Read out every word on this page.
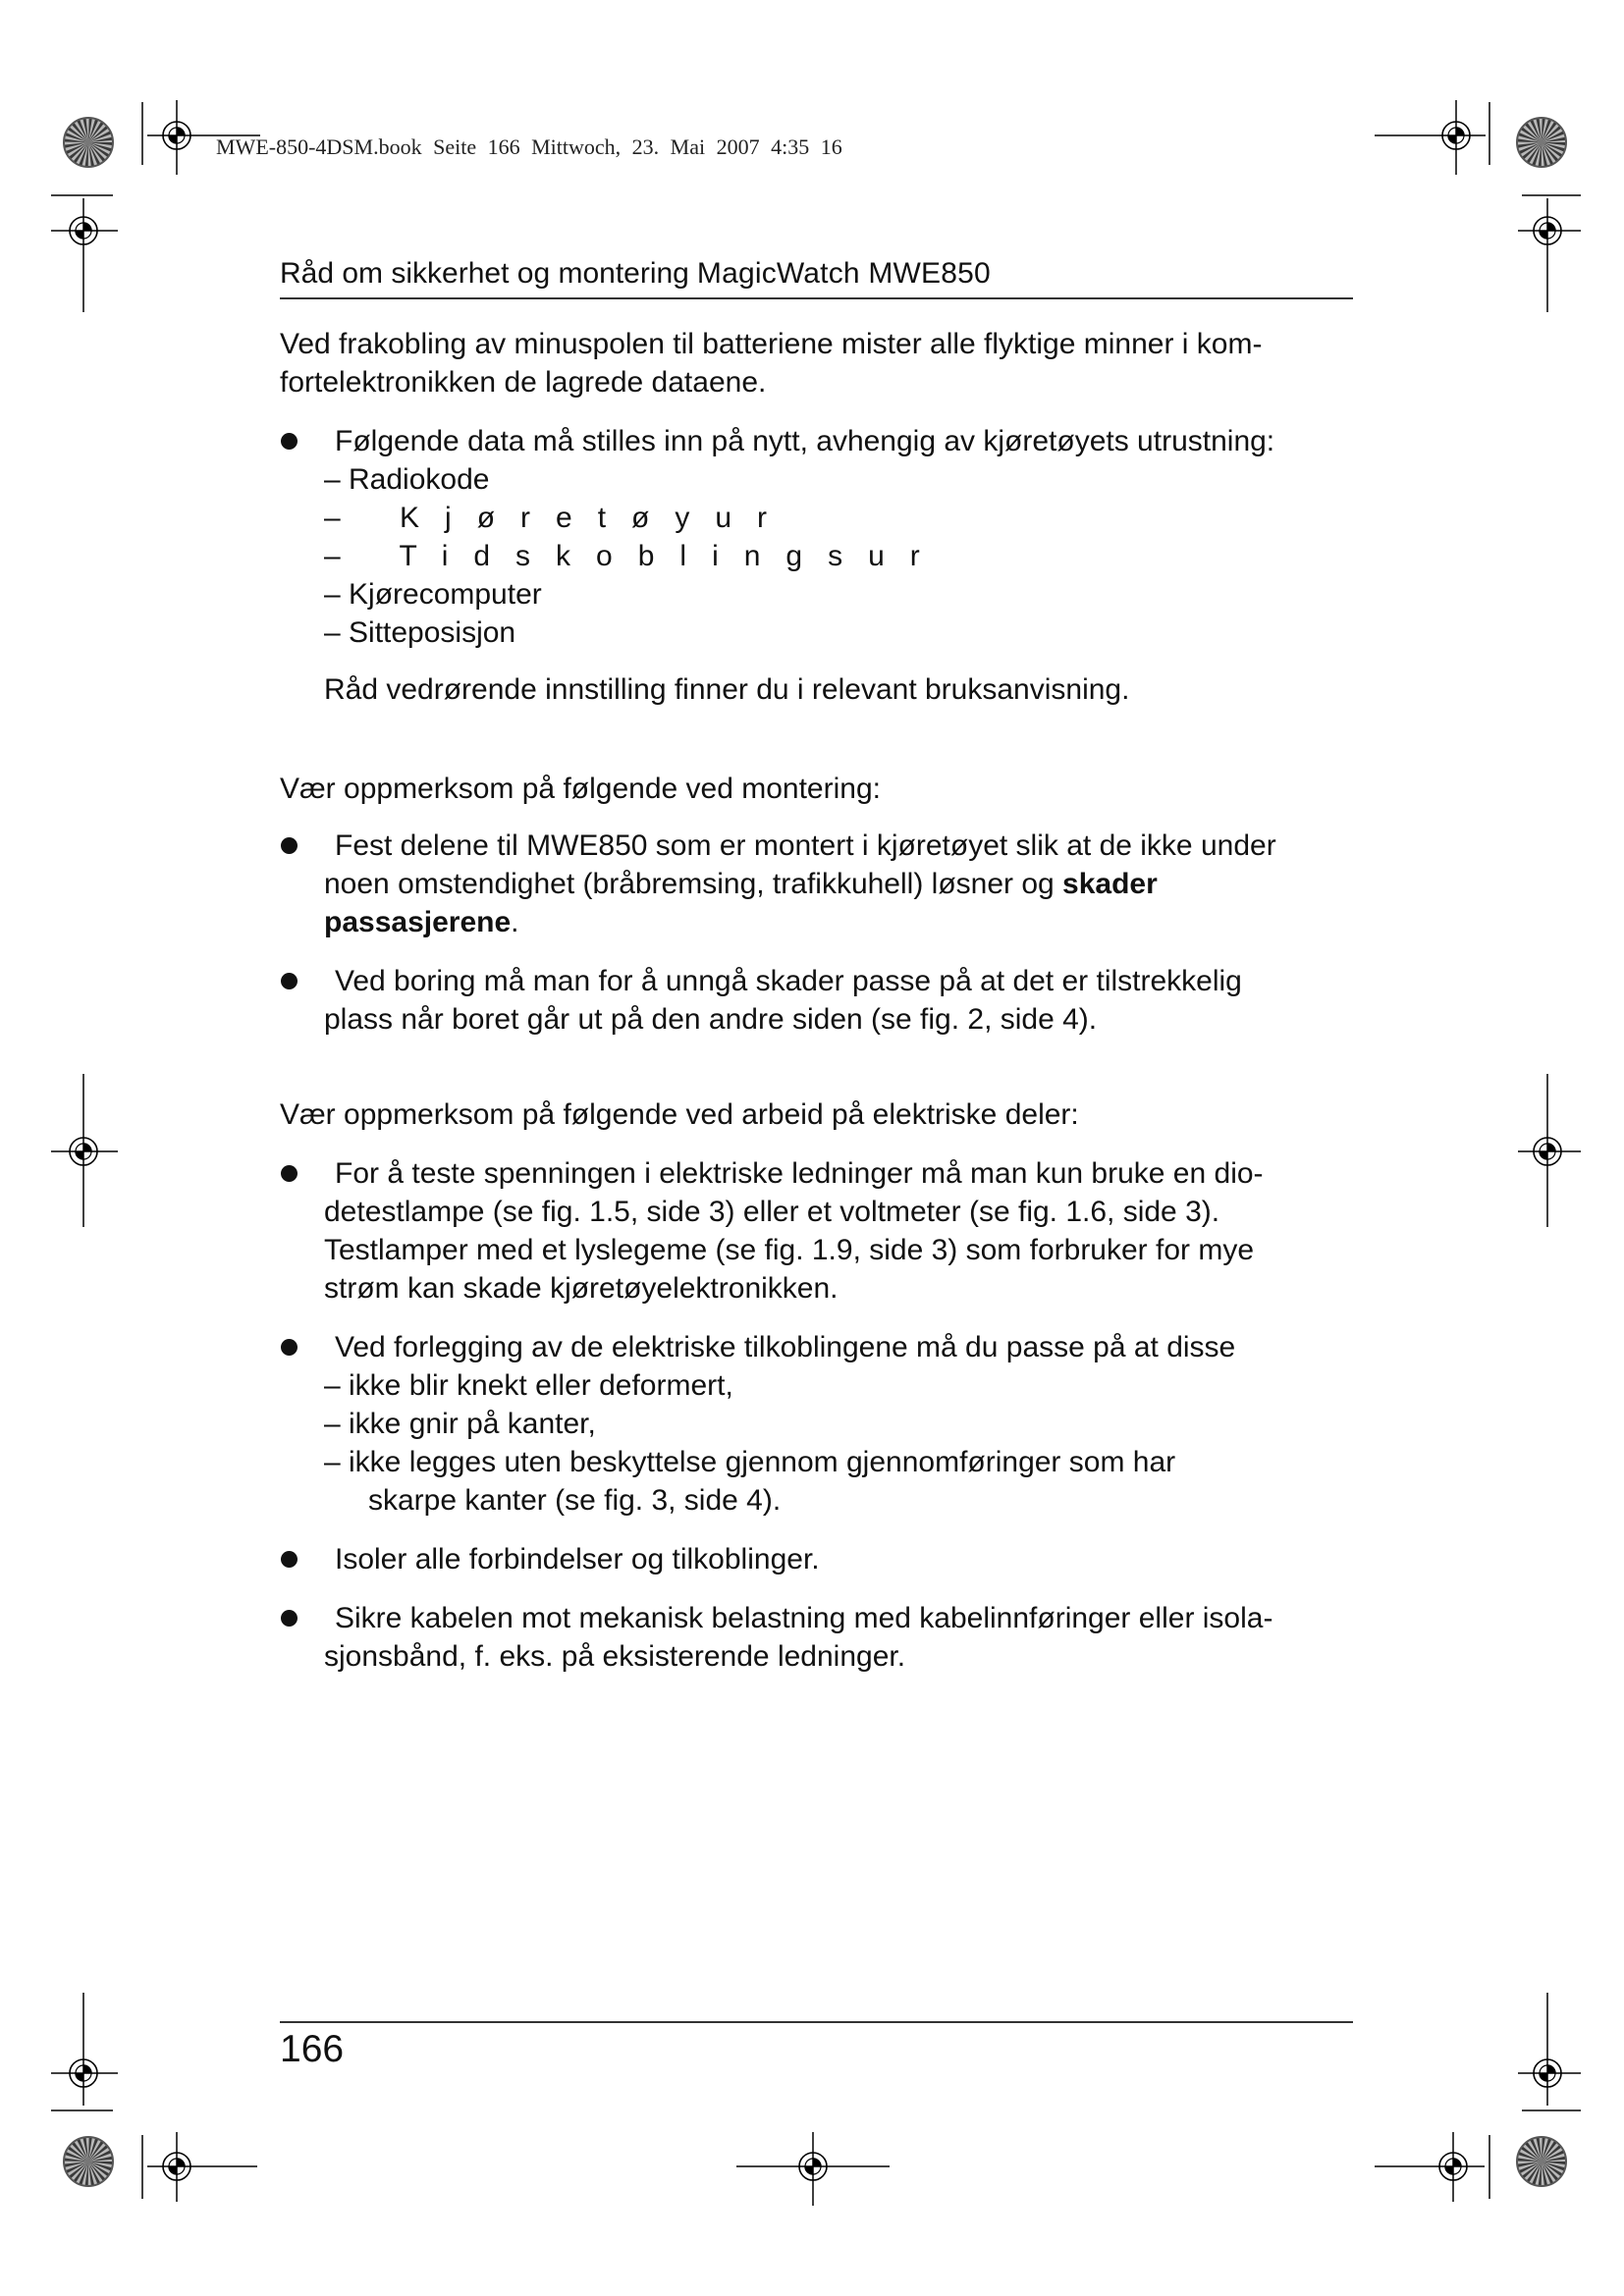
MWE-850-4DSM.book Seite 166 Mittwoch, 23. Mai 2007 4:35 16
Råd om sikkerhet og montering MagicWatch MWE850
Ved frakobling av minuspolen til batteriene mister alle flyktige minner i kom-
fortelektronikken de lagrede dataene.
Følgende data må stilles inn på nytt, avhengig av kjøretøyets utrustning:
– Radiokode
– Kjøretøyur
– Tidskoblingsur
– Kjørecomputer
– Sitteposisjon
Råd vedrørende innstilling finner du i relevant bruksanvisning.
Vær oppmerksom på følgende ved montering:
Fest delene til MWE850 som er montert i kjøretøyet slik at de ikke under
noen omstendighet (bråbremsing, trafikkuhell) løsner og skader
passasjerene.
Ved boring må man for å unngå skader passe på at det er tilstrekkelig
plass når boret går ut på den andre siden (se fig. 2, side 4).
Vær oppmerksom på følgende ved arbeid på elektriske deler:
For å teste spenningen i elektriske ledninger må man kun bruke en dio-
detestlampe (se fig. 1.5, side 3) eller et voltmeter (se fig. 1.6, side 3).
Testlamper med et lyslegeme (se fig. 1.9, side 3) som forbruker for mye
strøm kan skade kjøretøyelektronikken.
Ved forlegging av de elektriske tilkoblingene må du passe på at disse
– ikke blir knekt eller deformert,
– ikke gnir på kanter,
– ikke legges uten beskyttelse gjennom gjennomføringer som har
skarpe kanter (se fig. 3, side 4).
Isoler alle forbindelser og tilkoblinger.
Sikre kabelen mot mekanisk belastning med kabelinnføringer eller isola-
sjonsbånd, f. eks. på eksisterende ledninger.
166
